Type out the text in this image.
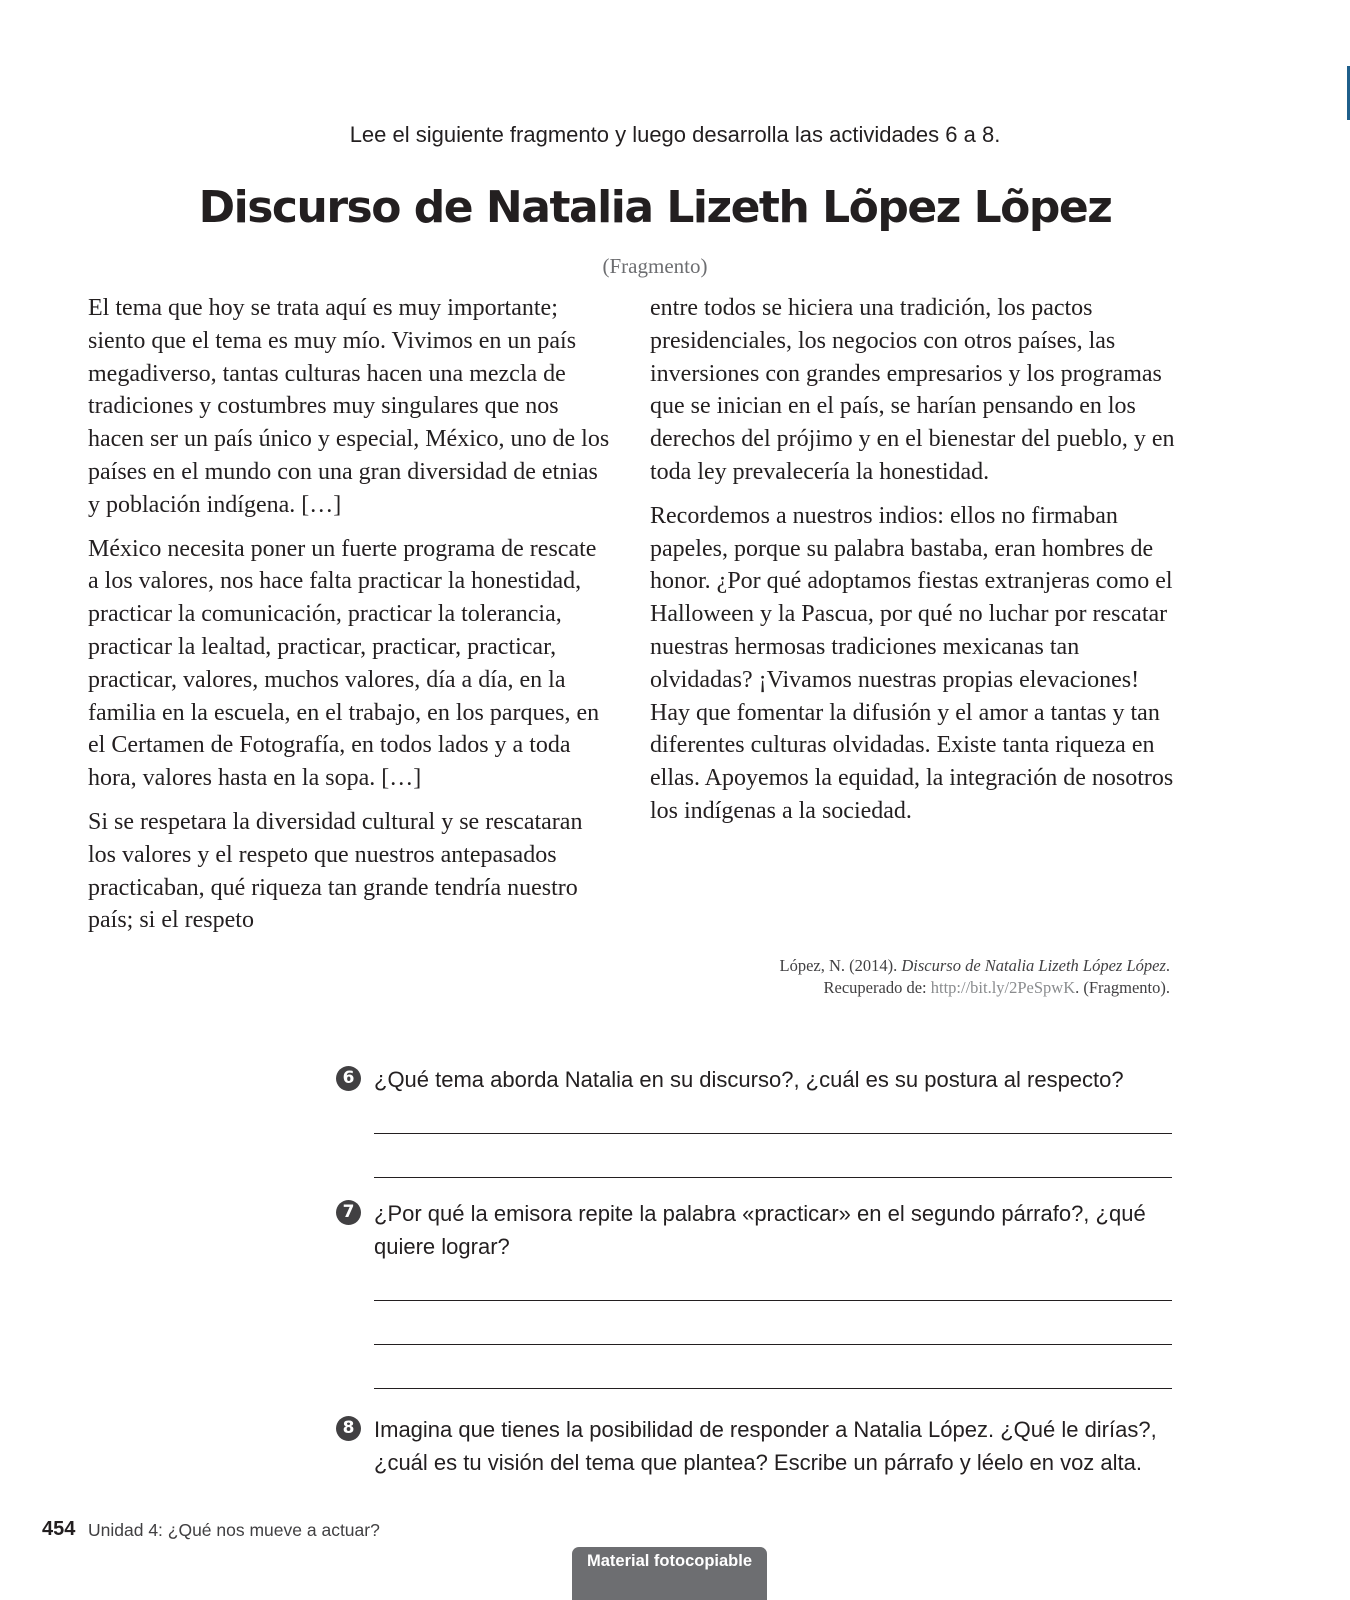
Lee el siguiente fragmento y luego desarrolla las actividades 6 a 8.
Discurso de Natalia Lizeth Lõpez Lõpez
(Fragmento)

El tema que hoy se trata aquí es muy importante; siento que el tema es muy mío. Vivimos en un país megadiverso, tantas culturas hacen una mezcla de tradiciones y costumbres muy singulares que nos hacen ser un país único y especial, México, uno de los países en el mundo con una gran diversidad de etnias y población indígena. […]

México necesita poner un fuerte programa de rescate a los valores, nos hace falta practicar la honestidad, practicar la comunicación, practicar la tolerancia, practicar la lealtad, practicar, practicar, practicar, practicar, valores, muchos valores, día a día, en la familia en la escuela, en el trabajo, en los parques, en el Certamen de Fotografía, en todos lados y a toda hora, valores hasta en la sopa. […]

Si se respetara la diversidad cultural y se rescataran los valores y el respeto que nuestros antepasados practicaban, qué riqueza tan grande tendría nuestro país; si el respeto

entre todos se hiciera una tradición, los pactos presidenciales, los negocios con otros países, las inversiones con grandes empresarios y los programas que se inician en el país, se harían pensando en los derechos del prójimo y en el bienestar del pueblo, y en toda ley prevalecería la honestidad.

Recordemos a nuestros indios: ellos no firmaban papeles, porque su palabra bastaba, eran hombres de honor. ¿Por qué adoptamos fiestas extranjeras como el Halloween y la Pascua, por qué no luchar por rescatar nuestras hermosas tradiciones mexicanas tan olvidadas? ¡Vivamos nuestras propias elevaciones! Hay que fomentar la difusión y el amor a tantas y tan diferentes culturas olvidadas. Existe tanta riqueza en ellas. Apoyemos la equidad, la integración de nosotros los indígenas a la sociedad.

López, N. (2014). Discurso de Natalia Lizeth López López.
Recuperado de: http://bit.ly/2PeSpwK. (Fragmento).
6 ¿Qué tema aborda Natalia en su discurso?, ¿cuál es su postura al respecto?
7 ¿Por qué la emisora repite la palabra «practicar» en el segundo párrafo?, ¿qué quiere lograr?
8 Imagina que tienes la posibilidad de responder a Natalia López. ¿Qué le dirías?, ¿cuál es tu visión del tema que plantea? Escribe un párrafo y léelo en voz alta.
454 Unidad 4: ¿Qué nos mueve a actuar?
Material fotocopiable
